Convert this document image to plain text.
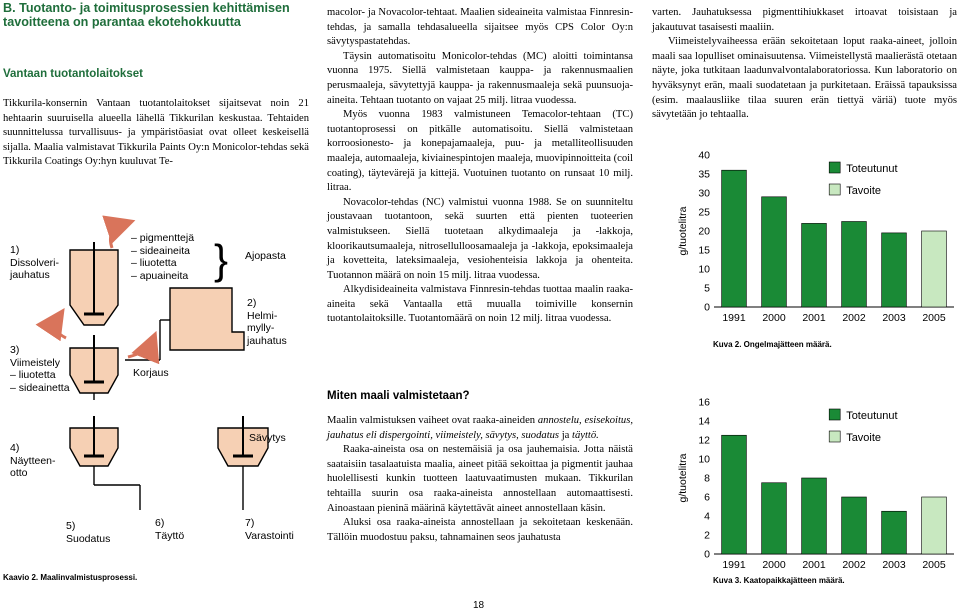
B. Tuotanto- ja toimitusprosessien kehittämisen tavoitteena on parantaa ekotehokkuutta
Vantaan tuotantolaitokset
Tikkurila-konsernin Vantaan tuotantolaitokset sijaitsevat noin 21 hehtaarin suuruisella alueella lähellä Tikkurilan keskustaa. Tehtaiden suunnittelussa turvallisuus- ja ympäristöasiat ovat olleet keskeisellä sijalla. Maalia valmistavat Tikkurila Paints Oy:n Monicolor-tehdas sekä Tikkurila Coatings Oy:hyn kuuluvat Te-
}
1)
Dissolveri-
jauhatus
– pigmenttejä
– sideaineita
– liuotetta
– apuaineita
Ajopasta
2)
Helmi-
mylly-
jauhatus
3)
Viimeistely
– liuotetta
– sideainetta
Korjaus
4)
Näytteen-
otto
Sävytys
5)
Suodatus
6)
Täyttö
7)
Varastointi
Kaavio 2. Maalinvalmistusprosessi.

macolor- ja Novacolor-tehtaat. Maalien sideaineita valmistaa Finnresin-tehdas, ja samalla tehdasalueella sijaitsee myös CPS Color Oy:n sävytyspastatehdas.

Täysin automatisoitu Monicolor-tehdas (MC) aloitti toimintansa vuonna 1975. Siellä valmistetaan kauppa- ja rakennusmaalien perusmaaleja, sävytettyjä kauppa- ja rakennusmaaleja sekä puunsuoja-aineita. Tehtaan tuotanto on vajaat 25 milj. litraa vuodessa.

Myös vuonna 1983 valmistuneen Temacolor-tehtaan (TC) tuotantoprosessi on pitkälle automatisoitu. Siellä valmistetaan korroosionesto- ja konepajamaaleja, puu- ja metalliteollisuuden maaleja, automaaleja, kiviainespintojen maaleja, muovipinnoitteita (coil coating), täytevärejä ja kittejä. Vuotuinen tuotanto on runsaat 10 milj. litraa.

Novacolor-tehdas (NC) valmistui vuonna 1988. Se on suunniteltu joustavaan tuotantoon, sekä suurten että pienten tuoteerien valmistukseen. Siellä tuotetaan alkydimaaleja ja -lakkoja, kloorikautsumaaleja, nitrosellulloosamaaleja ja -lakkoja, epoksimaaleja ja kovetteita, lateksimaaleja, vesiohenteisia lakkoja ja ohenteita. Tuotannon määrä on noin 15 milj. litraa vuodessa.

Alkydisideaineita valmistava Finnresin-tehdas tuottaa maalin raaka-aineita sekä Vantaalla että muualla toimiville konsernin tuotantolaitoksille. Tuotantomäärä on noin 12 milj. litraa vuodessa.

Miten maali valmistetaan?

Maalin valmistuksen vaiheet ovat raaka-aineiden annostelu, esisekoitus, jauhatus eli dispergointi, viimeistely, sävytys, suodatus ja täyttö.

Raaka-aineista osa on nestemäisiä ja osa jauhemaisia. Jotta näistä saataisiin tasalaatuista maalia, aineet pitää sekoittaa ja pigmentit jauhaa huolellisesti kunkin tuotteen laatuvaatimusten mukaan. Tikkurilan tehtailla suurin osa raaka-aineista annostellaan automaattisesti. Ainoastaan pieninä määrinä käytettävät aineet annostellaan käsin.

Aluksi osa raaka-aineista annostellaan ja sekoitetaan keskenään. Tällöin muodostuu paksu, tahnamainen seos jauhatusta

18

varten. Jauhatuksessa pigmenttihiukkaset irtoavat toisistaan ja jakautuvat tasaisesti maaliin.

Viimeistelyvaiheessa erään sekoitetaan loput raaka-aineet, jolloin maali saa lopulliset ominaisuutensa. Viimeistellystä maalierästä otetaan näyte, joka tutkitaan laadunvalvontalaboratoriossa. Kun laboratorio on hyväksynyt erän, maali suodatetaan ja purkitetaan. Eräissä tapauksissa (esim. maalausliike tilaa suuren erän tiettyä väriä) tuote myös sävytetään jo tehtaalla.

0
5
10
15
20
25
30
35
40
g/tuotelitra
1991 2000 2001 2002 2003 2005
Toteutunut
Tavoite
Kuva 2. Ongelmajätteen määrä.
0
2
4
6
8
10
12
14
16
g/tuotelitra
1991 2000 2001 2002 2003 2005
Toteutunut
Tavoite
Kuva 3. Kaatopaikkajätteen määrä.
